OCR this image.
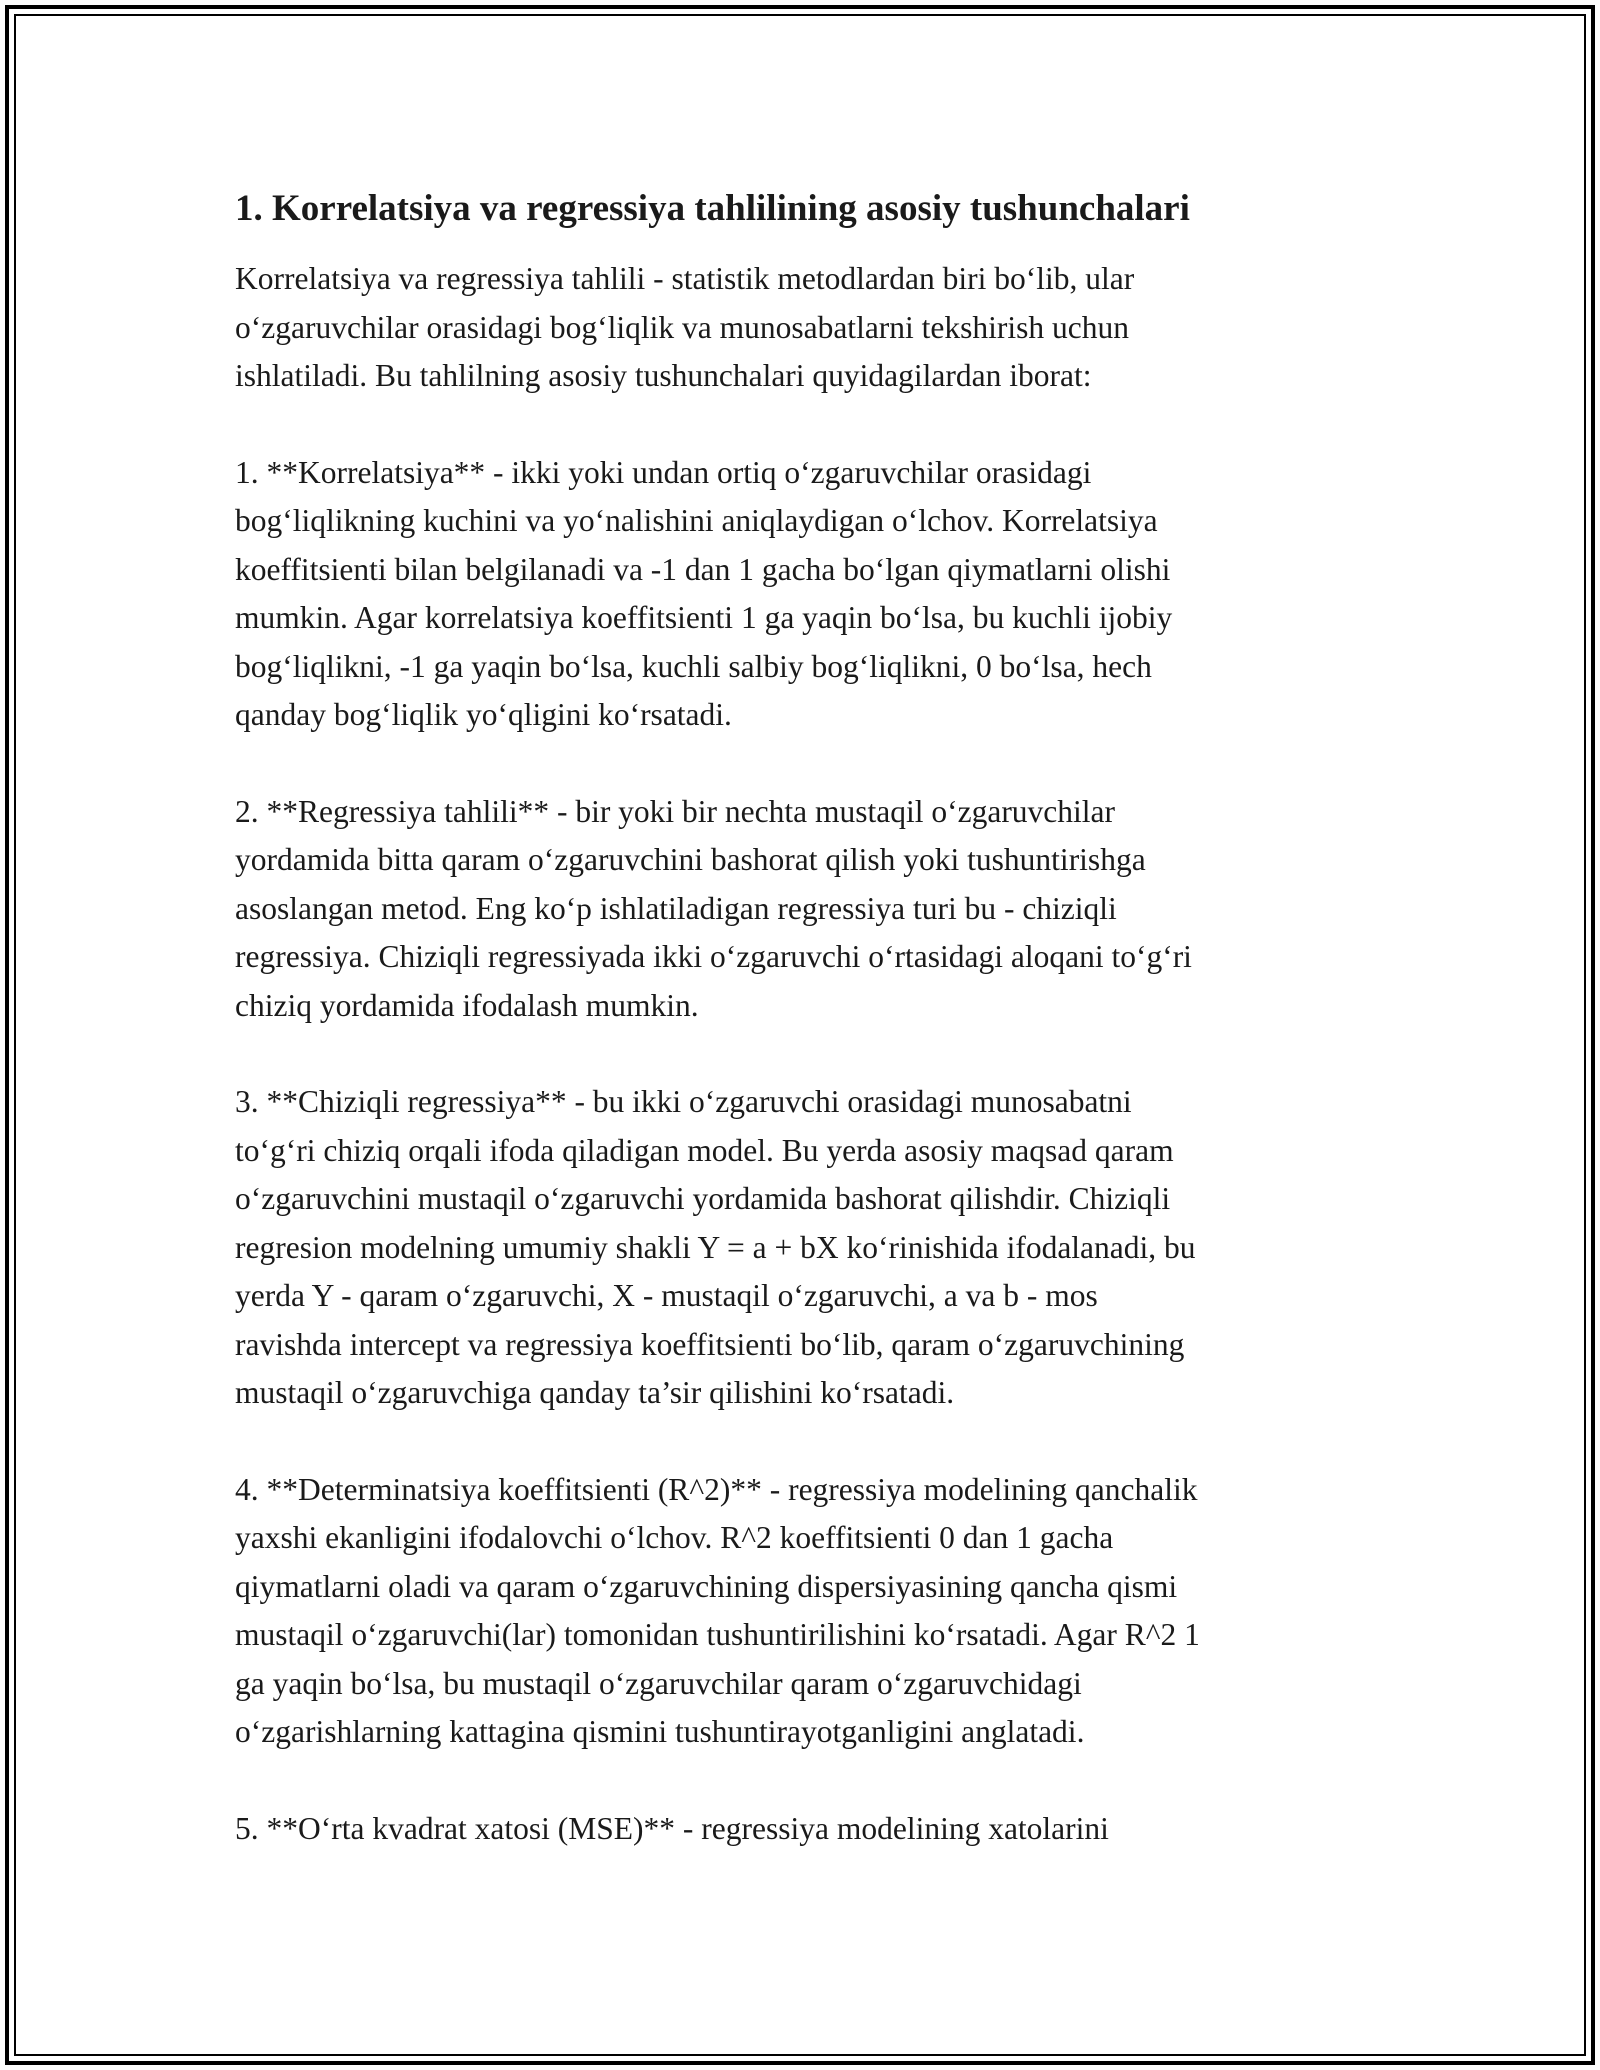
1. Korrelatsiya va regressiya tahlilining asosiy tushunchalari

Korrelatsiya va regressiya tahlili - statistik metodlardan biri bo‘lib, ular
o‘zgaruvchilar orasidagi bog‘liqlik va munosabatlarni tekshirish uchun
ishlatiladi. Bu tahlilning asosiy tushunchalari quyidagilardan iborat:

1. **Korrelatsiya** - ikki yoki undan ortiq o‘zgaruvchilar orasidagi
bog‘liqlikning kuchini va yo‘nalishini aniqlaydigan o‘lchov. Korrelatsiya
koeffitsienti bilan belgilanadi va -1 dan 1 gacha bo‘lgan qiymatlarni olishi
mumkin. Agar korrelatsiya koeffitsienti 1 ga yaqin bo‘lsa, bu kuchli ijobiy
bog‘liqlikni, -1 ga yaqin bo‘lsa, kuchli salbiy bog‘liqlikni, 0 bo‘lsa, hech
qanday bog‘liqlik yo‘qligini ko‘rsatadi.

2. **Regressiya tahlili** - bir yoki bir nechta mustaqil o‘zgaruvchilar
yordamida bitta qaram o‘zgaruvchini bashorat qilish yoki tushuntirishga
asoslangan metod. Eng ko‘p ishlatiladigan regressiya turi bu - chiziqli
regressiya. Chiziqli regressiyada ikki o‘zgaruvchi o‘rtasidagi aloqani to‘g‘ri
chiziq yordamida ifodalash mumkin.

3. **Chiziqli regressiya** - bu ikki o‘zgaruvchi orasidagi munosabatni
to‘g‘ri chiziq orqali ifoda qiladigan model. Bu yerda asosiy maqsad qaram
o‘zgaruvchini mustaqil o‘zgaruvchi yordamida bashorat qilishdir. Chiziqli
regresion modelning umumiy shakli Y = a + bX ko‘rinishida ifodalanadi, bu
yerda Y - qaram o‘zgaruvchi, X - mustaqil o‘zgaruvchi, a va b - mos
ravishda intercept va regressiya koeffitsienti bo‘lib, qaram o‘zgaruvchining
mustaqil o‘zgaruvchiga qanday ta’sir qilishini ko‘rsatadi.

4. **Determinatsiya koeffitsienti (R^2)** - regressiya modelining qanchalik
yaxshi ekanligini ifodalovchi o‘lchov. R^2 koeffitsienti 0 dan 1 gacha
qiymatlarni oladi va qaram o‘zgaruvchining dispersiyasining qancha qismi
mustaqil o‘zgaruvchi(lar) tomonidan tushuntirilishini ko‘rsatadi. Agar R^2 1
ga yaqin bo‘lsa, bu mustaqil o‘zgaruvchilar qaram o‘zgaruvchidagi
o‘zgarishlarning kattagina qismini tushuntirayotganligini anglatadi.

5. **O‘rta kvadrat xatosi (MSE)** - regressiya modelining xatolarini
